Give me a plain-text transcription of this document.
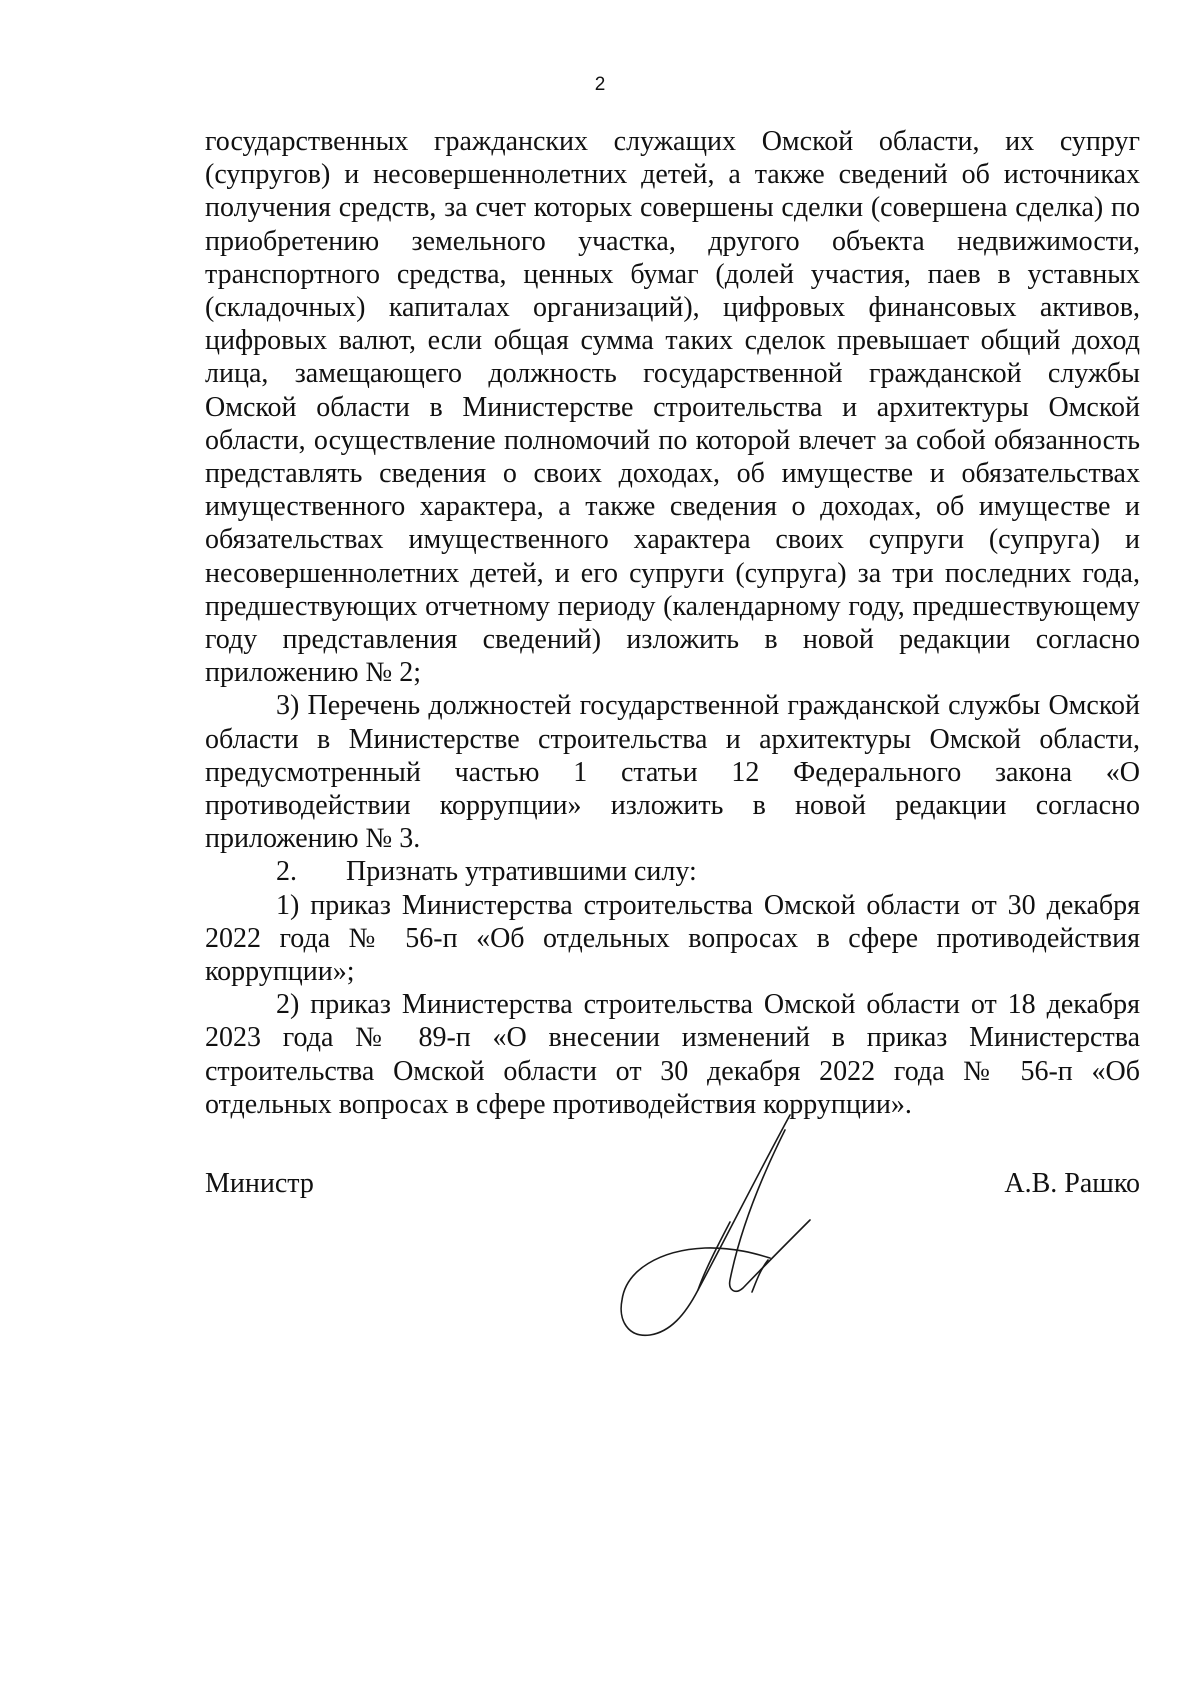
2

государственных гражданских служащих Омской области, их супруг (супругов) и несовершеннолетних детей, а также сведений об источниках получения средств, за счет которых совершены сделки (совершена сделка) по приобретению земельного участка, другого объекта недвижимости, транспортного средства, ценных бумаг (долей участия, паев в уставных (складочных) капиталах организаций), цифровых финансовых активов, цифровых валют, если общая сумма таких сделок превышает общий доход лица, замещающего должность государственной гражданской службы Омской области в Министерстве строительства и архитектуры Омской области, осуществление полномочий по которой влечет за собой обязанность представлять сведения о своих доходах, об имуществе и обязательствах имущественного характера, а также сведения о доходах, об имуществе и обязательствах имущественного характера своих супруги (супруга) и несовершеннолетних детей, и его супруги (супруга) за три последних года, предшествующих отчетному периоду (календарному году, предшествующему году представления сведений) изложить в новой редакции согласно приложению № 2;

3) Перечень должностей государственной гражданской службы Омской области в Министерстве строительства и архитектуры Омской области, предусмотренный частью 1 статьи 12 Федерального закона «О противодействии коррупции» изложить в новой редакции согласно приложению № 3.

2. Признать утратившими силу:

1) приказ Министерства строительства Омской области от 30 декабря 2022 года № 56-п «Об отдельных вопросах в сфере противодействия коррупции»;

2) приказ Министерства строительства Омской области от 18 декабря 2023 года № 89-п «О внесении изменений в приказ Министерства строительства Омской области от 30 декабря 2022 года № 56-п «Об отдельных вопросах в сфере противодействия коррупции».

Министр	А.В. Рашко
